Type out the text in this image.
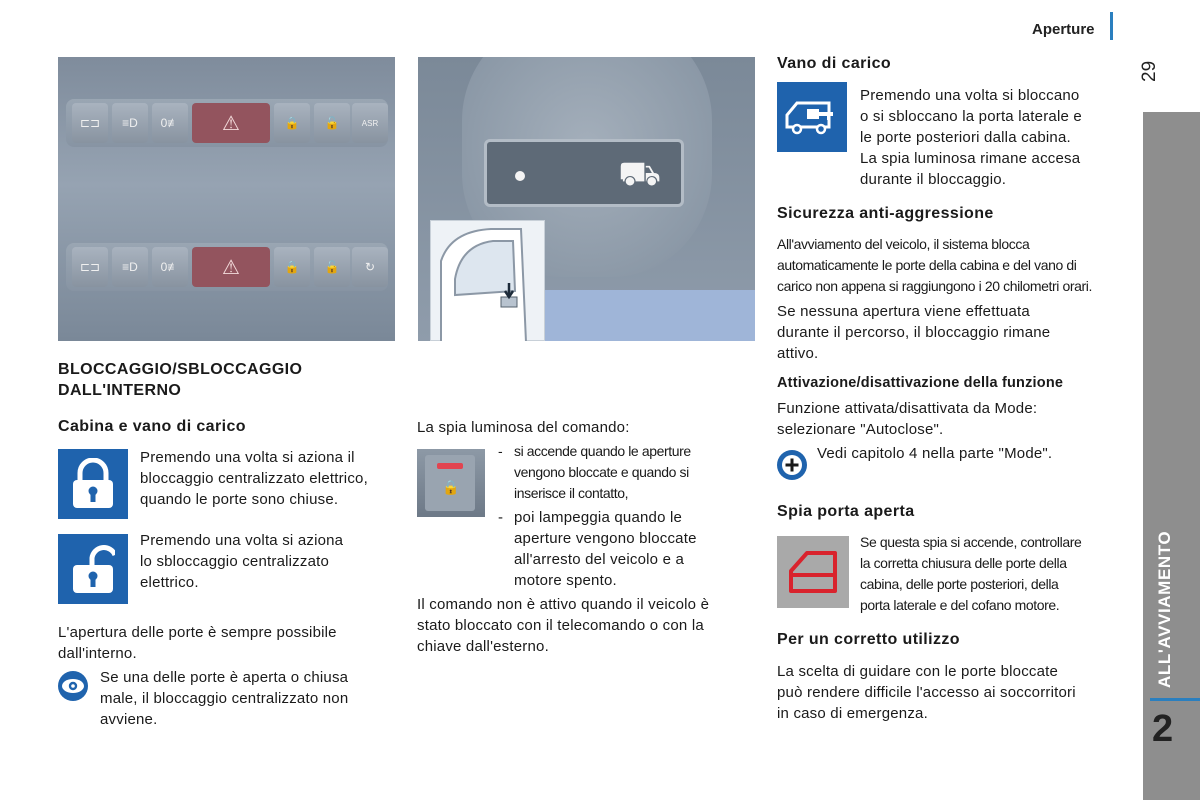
Aperture
29
ALL'AVVIAMENTO
2
⊏⊐	≡D	0≢	⚠	🔒	🔓	ASR
⊏⊐	≡D	0≢	⚠	🔒	🔓	↻
⛟
BLOCCAGGIO/SBLOCCAGGIO
DALL'INTERNO
Cabina e vano di carico
Premendo una volta si aziona il
bloccaggio centralizzato elettrico,
quando le porte sono chiuse.
Premendo una volta si aziona
lo sbloccaggio centralizzato
elettrico.
L'apertura delle porte è sempre possibile
dall'interno.
Se una delle porte è aperta o chiusa
male, il bloccaggio centralizzato non
avviene.
La spia luminosa del comando:
🔒
- si accende quando le aperture
vengono bloccate e quando si
inserisce il contatto,
- poi lampeggia quando le
aperture vengono bloccate
all'arresto del veicolo e a
motore spento.
Il comando non è attivo quando il veicolo è
stato bloccato con il telecomando o con la
chiave dall'esterno.
Vano di carico
Premendo una volta si bloccano
o si sbloccano la porta laterale e
le porte posteriori dalla cabina.
La spia luminosa rimane accesa
durante il bloccaggio.
Sicurezza anti-aggressione
All'avviamento del veicolo, il sistema blocca
automaticamente le porte della cabina e del vano di
carico non appena si raggiungono i 20 chilometri orari.
Se nessuna apertura viene effettuata
durante il percorso, il bloccaggio rimane
attivo.
Attivazione/disattivazione della funzione
Funzione attivata/disattivata da Mode:
selezionare "Autoclose".
Vedi capitolo 4 nella parte "Mode".
Spia porta aperta
Se questa spia si accende, controllare
la corretta chiusura delle porte della
cabina, delle porte posteriori, della
porta laterale e del cofano motore.
Per un corretto utilizzo
La scelta di guidare con le porte bloccate
può rendere difficile l'accesso ai soccorritori
in caso di emergenza.
